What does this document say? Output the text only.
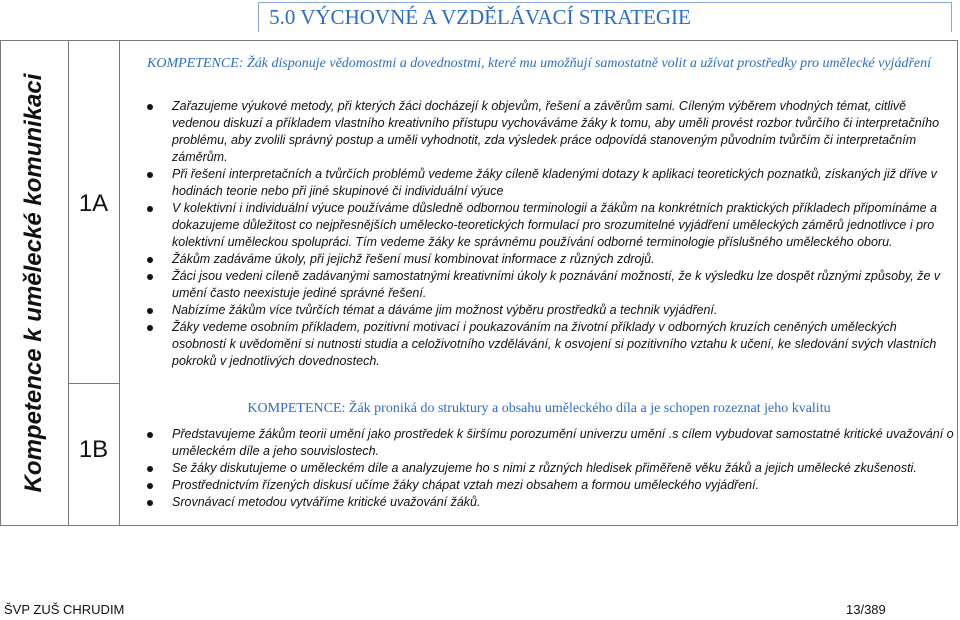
5.0 VÝCHOVNÉ A VZDĚLÁVACÍ STRATEGIE
Kompetence k umělecké komunikaci	1A
1B
KOMPETENCE: Žák disponuje vědomostmi a dovednostmi, které mu umožňují samostatně volit a užívat prostředky pro umělecké vyjádření
Zařazujeme výukové metody, při kterých žáci docházejí k objevům, řešení a závěrům sami. Cíleným výběrem vhodných témat, citlivě vedenou diskuzí a příkladem vlastního kreativního přístupu vychováváme žáky k tomu, aby uměli provést rozbor tvůrčího či interpretačního problému, aby zvolili správný postup a uměli vyhodnotit, zda výsledek práce odpovídá stanoveným původním tvůrčím či interpretačním záměrům.
Při řešení interpretačních a tvůrčích problémů vedeme žáky cíleně kladenými dotazy k aplikaci teoretických poznatků, získaných již dříve v hodinách teorie nebo při jiné skupinové či individuální výuce
V kolektivní i individuální výuce používáme důsledně odbornou terminologii a žákům na konkrétních praktických příkladech připomínáme a dokazujeme důležitost co nejpřesnějších umělecko-teoretických formulací pro srozumitelné vyjádření uměleckých záměrů jednotlivce i pro kolektivní uměleckou spolupráci. Tím vedeme žáky ke správnému používání odborné terminologie příslušného uměleckého oboru.
Žákům zadáváme úkoly, při jejichž řešení musí kombinovat informace z různých zdrojů.
Žáci jsou vedeni cíleně zadávanými samostatnými kreativními úkoly k poznávání možností, že k výsledku lze dospět různými způsoby, že v umění často neexistuje jediné správné řešení.
Nabízíme žákům více tvůrčích témat a dáváme jim možnost výběru prostředků a technik vyjádření.
Žáky vedeme osobním příkladem, pozitivní motivací i poukazováním na životní příklady v odborných kruzích ceněných uměleckých osobností k uvědomění si nutnosti studia a celoživotního vzdělávání, k osvojení si pozitivního vztahu k učení, ke sledování svých vlastních pokroků v jednotlivých dovednostech.
KOMPETENCE: Žák proniká do struktury a obsahu uměleckého díla a je schopen rozeznat jeho kvalitu
Představujeme žákům teorii umění jako prostředek k širšímu porozumění univerzu umění .s cílem vybudovat samostatné kritické uvažování o uměleckém díle a jeho souvislostech.
Se žáky diskutujeme o uměleckém díle a analyzujeme ho s nimi z různých hledisek přiměřeně věku žáků a jejich umělecké zkušenosti.
Prostřednictvím řízených diskusí učíme žáky chápat vztah mezi obsahem a formou uměleckého vyjádření.
Srovnávací metodou vytváříme kritické uvažování žáků.
ŠVP ZUŠ CHRUDIM	13/389
